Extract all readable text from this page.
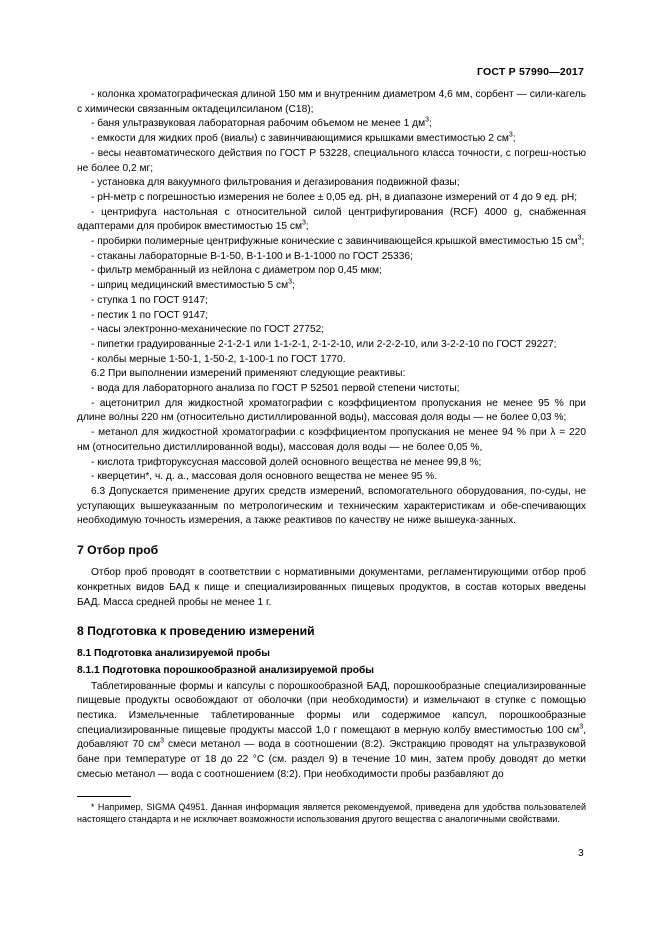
ГОСТ Р 57990—2017

- колонка хроматографическая длиной 150 мм и внутренним диаметром 4,6 мм, сорбент — сили-кагель с химически связанным октадецилсиланом (С18);

- баня ультразвуковая лабораторная рабочим объемом не менее 1 $дм^3$;

- емкости для жидких проб (виалы) с завинчивающимися крышками вместимостью 2 $см^3$;

- весы неавтоматического действия по ГОСТ Р 53228, специального класса точности, с погреш-ностью не более 0,2 мг;

- установка для вакуумного фильтрования и дегазирования подвижной фазы;

- pH-метр с погрешностью измерения не более ± 0,05 ед. pH, в диапазоне измерений от 4 до 9 ед. pH;

- центрифуга настольная с относительной силой центрифугирования (RCF) 4000 g, снабженная адаптерами для пробирок вместимостью 15 $см^3$;

- пробирки полимерные центрифужные конические с завинчивающейся крышкой вместимостью 15 $см^3$;

- стаканы лабораторные В-1-50, В-1-100 и В-1-1000 по ГОСТ 25336;

- фильтр мембранный из нейлона с диаметром пор 0,45 мкм;

- шприц медицинский вместимостью 5 $см^3$;

- ступка 1 по ГОСТ 9147;

- пестик 1 по ГОСТ 9147;

- часы электронно-механические по ГОСТ 27752;

- пипетки градуированные 2-1-2-1 или 1-1-2-1, 2-1-2-10, или 2-2-2-10, или 3-2-2-10 по ГОСТ 29227;

- колбы мерные 1-50-1, 1-50-2, 1-100-1 по ГОСТ 1770.

6.2 При выполнении измерений применяют следующие реактивы:

- вода для лабораторного анализа по ГОСТ Р 52501 первой степени чистоты;

- ацетонитрил для жидкостной хроматографии с коэффициентом пропускания не менее 95 % при длине волны 220 нм (относительно дистиллированной воды), массовая доля воды — не более 0,03 %;

- метанол для жидкостной хроматографии с коэффициентом пропускания не менее 94 % при λ = 220 нм (относительно дистиллированной воды), массовая доля воды — не более 0,05 %,

- кислота трифторуксусная массовой долей основного вещества не менее 99,8 %;

- кверцетин*, ч. д. а., массовая доля основного вещества не менее 95 %.

6.3 Допускается применение других средств измерений, вспомогательного оборудования, по-суды, не уступающих вышеуказанным по метрологическим и техническим характеристикам и обе-спечивающих необходимую точность измерения, а также реактивов по качеству не ниже вышеука-занных.

7 Отбор проб

Отбор проб проводят в соответствии с нормативными документами, регламентирующими отбор проб конкретных видов БАД к пище и специализированных пищевых продуктов, в состав которых введены БАД. Масса средней пробы не менее 1 г.

8 Подготовка к проведению измерений
8.1 Подготовка анализируемой пробы
8.1.1 Подготовка порошкообразной анализируемой пробы

Таблетированные формы и капсулы с порошкообразной БАД, порошкообразные специализированные пищевые продукты освобождают от оболочки (при необходимости) и измельчают в ступке с помощью пестика. Измельченные таблетированные формы или содержимое капсул, порошкообразные специализированные пищевые продукты массой 1,0 г помещают в мерную колбу вместимостью 100 $см^3$, добавляют 70 $см^3$ смеси метанол — вода в соотношении (8:2). Экстракцию проводят на ультразвуковой бане при температуре от 18 до 22 °С (см. раздел 9) в течение 10 мин, затем пробу доводят до метки смесью метанол — вода с соотношением (8:2). При необходимости пробы разбавляют до

* Например, SIGMA Q4951. Данная информация является рекомендуемой, приведена для удобства пользователей настоящего стандарта и не исключает возможности использования другого вещества с аналогичными свойствами.
3
